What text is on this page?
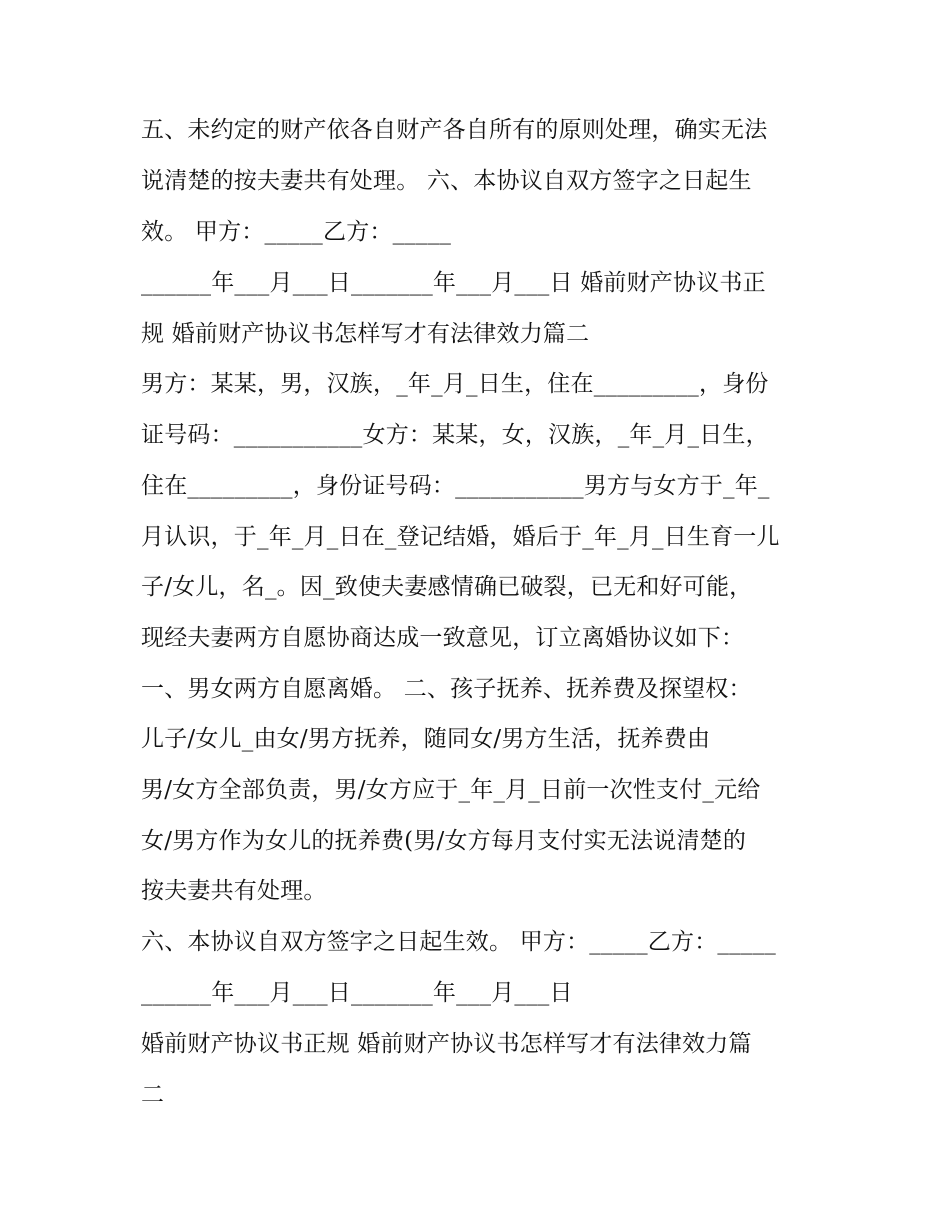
五、未约定的财产依各自财产各自所有的原则处理，确实无法
说清楚的按夫妻共有处理。 六、本协议自双方签字之日起生
效。 甲方：_____乙方：_____
______年___月___日_______年___月___日 婚前财产协议书正
规 婚前财产协议书怎样写才有法律效力篇二
男方：某某，男，汉族，_年_月_日生，住在_________，身份
证号码：___________女方：某某，女，汉族，_年_月_日生，
住在_________，身份证号码：___________男方与女方于_年_
月认识，于_年_月_日在_登记结婚，婚后于_年_月_日生育一儿
子/女儿，名_。因_致使夫妻感情确已破裂，已无和好可能，
现经夫妻两方自愿协商达成一致意见，订立离婚协议如下：
一、男女两方自愿离婚。 二、孩子抚养、抚养费及探望权：
儿子/女儿_由女/男方抚养，随同女/男方生活，抚养费由
男/女方全部负责，男/女方应于_年_月_日前一次性支付_元给
女/男方作为女儿的抚养费(男/女方每月支付实无法说清楚的
按夫妻共有处理。
六、本协议自双方签字之日起生效。 甲方：_____乙方：_____
______年___月___日_______年___月___日
婚前财产协议书正规 婚前财产协议书怎样写才有法律效力篇
二
